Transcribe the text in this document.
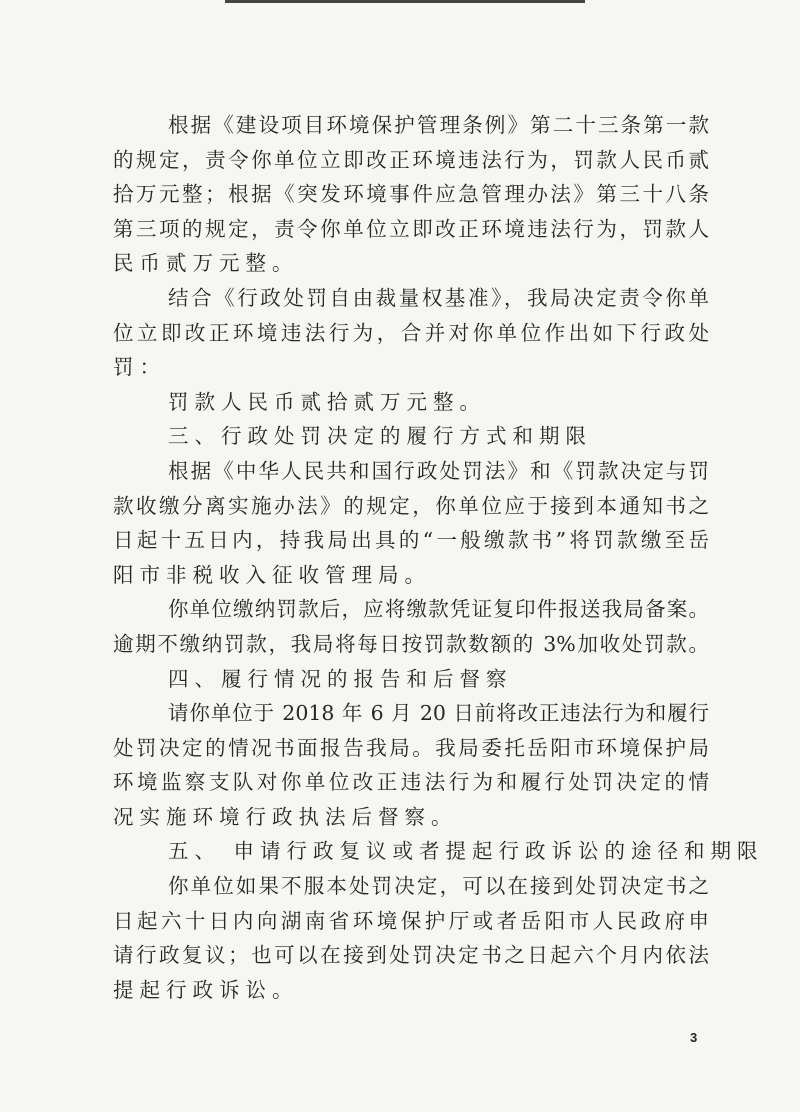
根据《建设项目环境保护管理条例》第二十三条第一款
的规定，责令你单位立即改正环境违法行为，罚款人民币贰
拾万元整；根据《突发环境事件应急管理办法》第三十八条
第三项的规定，责令你单位立即改正环境违法行为，罚款人
民币贰万元整。
结合《行政处罚自由裁量权基准》，我局决定责令你单
位立即改正环境违法行为，合并对你单位作出如下行政处
罚：
罚款人民币贰拾贰万元整。
三、行政处罚决定的履行方式和期限
根据《中华人民共和国行政处罚法》和《罚款决定与罚
款收缴分离实施办法》的规定，你单位应于接到本通知书之
日起十五日内，持我局出具的“一般缴款书”将罚款缴至岳
阳市非税收入征收管理局。
你单位缴纳罚款后，应将缴款凭证复印件报送我局备案。
逾期不缴纳罚款，我局将每日按罚款数额的 3%加收处罚款。
四、履行情况的报告和后督察
请你单位于 2018 年 6 月 20 日前将改正违法行为和履行
处罚决定的情况书面报告我局。我局委托岳阳市环境保护局
环境监察支队对你单位改正违法行为和履行处罚决定的情
况实施环境行政执法后督察。
五、 申请行政复议或者提起行政诉讼的途径和期限
你单位如果不服本处罚决定，可以在接到处罚决定书之
日起六十日内向湖南省环境保护厅或者岳阳市人民政府申
请行政复议；也可以在接到处罚决定书之日起六个月内依法
提起行政诉讼。
3
